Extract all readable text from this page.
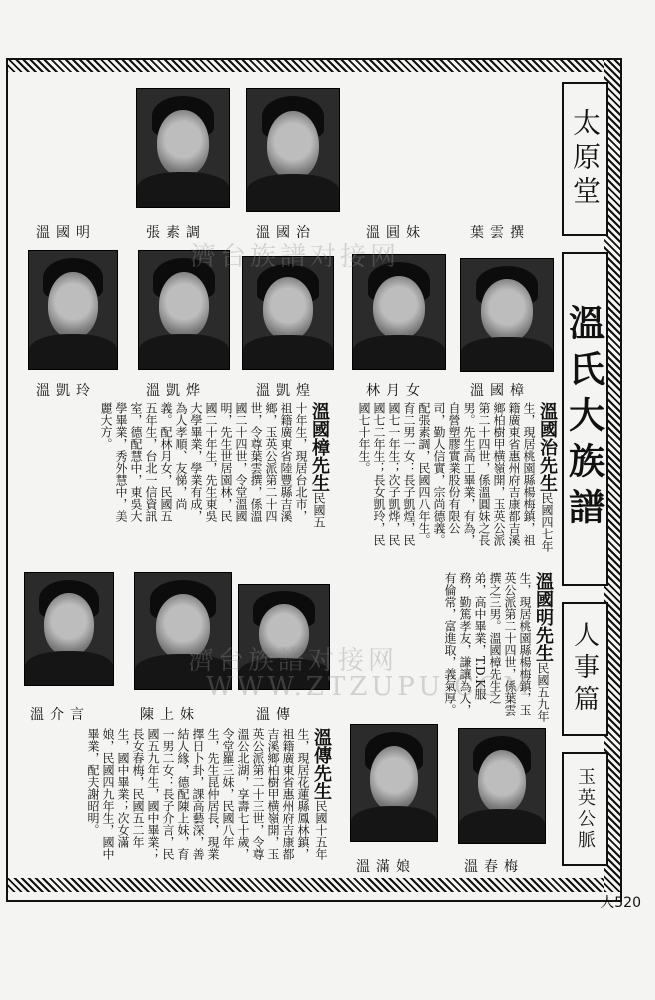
太原堂
溫氏大族譜
人事篇
玉英公脈
溫國明	張素調	溫國治	溫圓妹	葉雲撰
溫凱玲	溫凱烨	溫凱煌	林月女	溫國樟
溫國樟先生民國五十年生，現居台北市，祖籍廣東省陸豐縣吉溪鄉，玉英公派第二十四世，令尊葉雲撰，係溫國二十四世，令堂溫國明，先生世居園林，民國二十年生，先生東吳大學畢業，學業有成，為人孝順、友悌，尚義。配林月女，民國五五年生，台北一信資訊室，德配慧中，東吳大學畢業，秀外慧中，美麗大方。	溫國治先生民國四七年生，現居桃園縣楊梅鎮，祖籍廣東省惠州府吉康都吉溪鄉柏樹甲横嶺開，玉英公派第二十四世，係溫圓妹之長男。先生高工畢業，有為，自營塑膠實業股份有限公司，勤人信實，宗尚德義。配張素調，民國四八年生。育二男一女：長子凱煌，民國七一年生；次子凱烨，民國七二年生；長女凱玲，民國七十年生。
溫國明先生民國五九年生，現居桃園縣楊梅鎮，玉英公派第二十四世，係葉雲撰之三男。溫國樟先生之弟，高中畢業，T.D.K服務，勤篤孝友，謙讓為人，有倫常，富進取，義氣厚。
溫介言	陳上妹	溫傳
溫傳先生民國十五年生，現居花蓮縣鳳林鎮，祖籍廣東省惠州府吉康都吉溪鄉柏樹甲横嶺開，玉英公派第二十三世，令尊溫公北湖，享壽七十歲，令堂羅三妹，民國八年生，先生昆仲居長，現業擇日卜卦，課高藝深，善結人緣，德配陳上妹，育一男二女：長子介言，民國五九年生，國中畢業；長女春梅，民國五二年生，國中畢業；次女滿娘，民國四九年生，國中畢業，配夫謝昭明。
溫滿娘	溫春梅
濟台族譜对接网
濟台族譜对接网
WWW.ZTZUPU.COM
人520
